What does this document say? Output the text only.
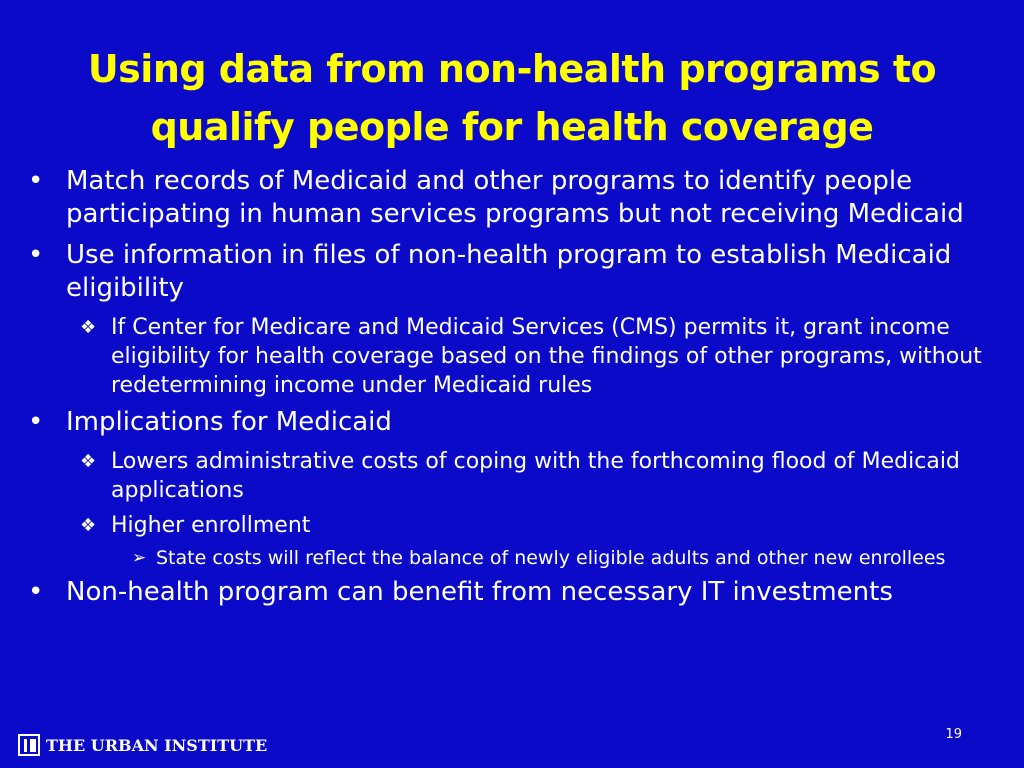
Using data from non-health programs to
qualify people for health coverage
• Match records of Medicaid and other programs to identify people participating in human services programs but not receiving Medicaid
• Use information in files of non-health program to establish Medicaid eligibility
❖ If Center for Medicare and Medicaid Services (CMS) permits it, grant income eligibility for health coverage based on the findings of other programs, without redetermining income under Medicaid rules
• Implications for Medicaid
❖ Lowers administrative costs of coping with the forthcoming flood of Medicaid applications
❖ Higher enrollment
➢ State costs will reflect the balance of newly eligible adults and other new enrollees
• Non-health program can benefit from necessary IT investments
19
THE URBAN INSTITUTE
